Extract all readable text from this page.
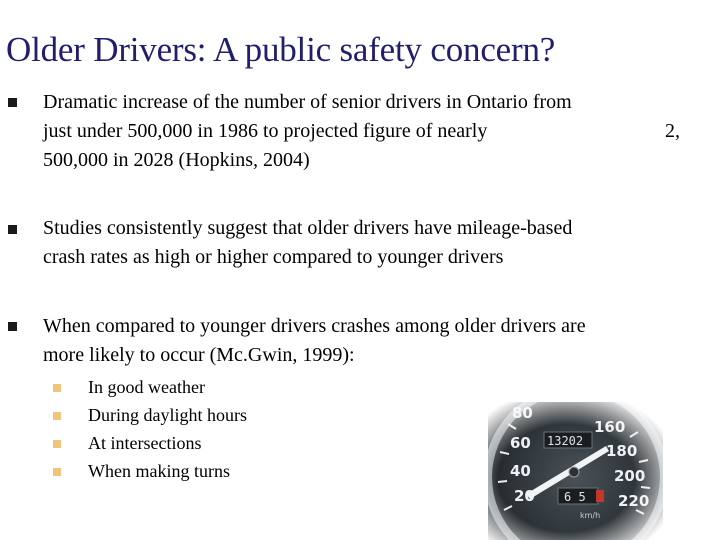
Older Drivers: A public safety concern?
Dramatic increase of the number of senior drivers in Ontario from
just under 500,000 in 1986 to projected figure of nearly	2,
500,000 in 2028 (Hopkins, 2004)
Studies consistently suggest that older drivers have mileage-based
crash rates as high or higher compared to younger drivers
When compared to younger drivers crashes among older drivers are
more likely to occur (Mc.Gwin, 1999):
In good weather
During daylight hours
At intersections
When making turns
